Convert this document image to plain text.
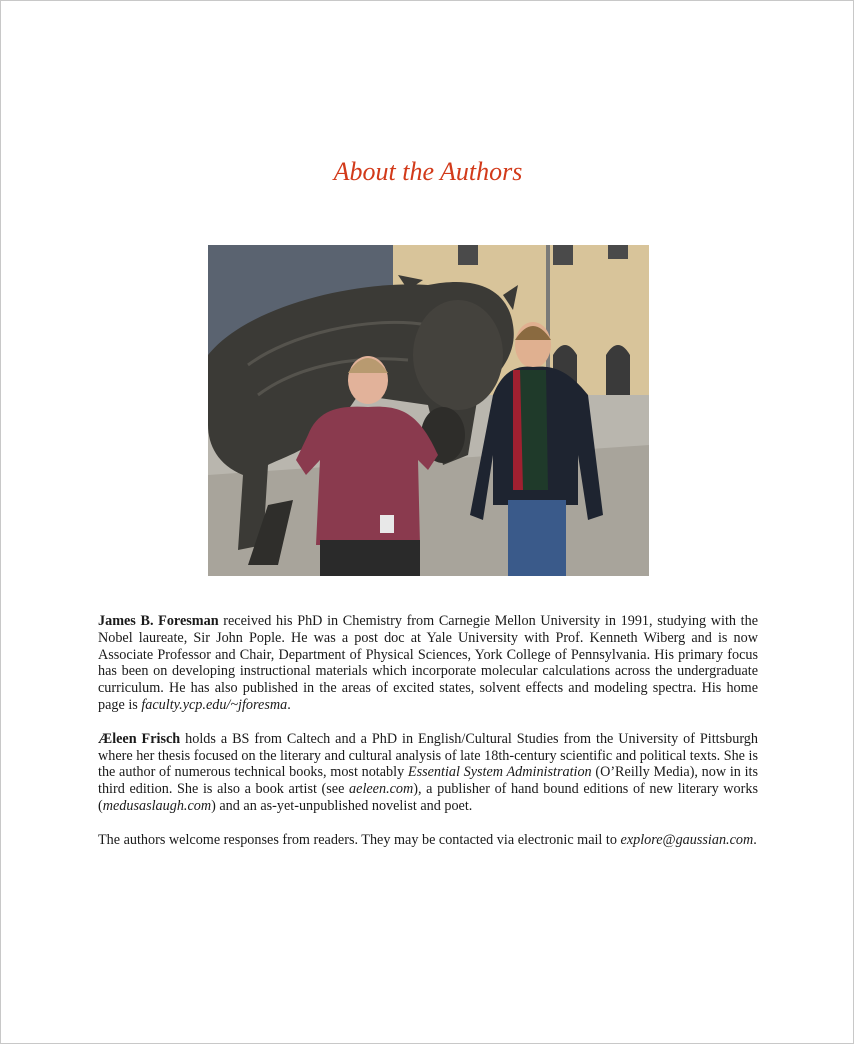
About the Authors

James B. Foresman received his PhD in Chemistry from Carnegie Mellon University in 1991, studying with the Nobel laureate, Sir John Pople. He was a post doc at Yale University with Prof. Kenneth Wiberg and is now Associate Professor and Chair, Department of Physical Sciences, York College of Pennsylvania. His primary focus has been on developing instructional materials which incorporate molecular calculations across the undergraduate curriculum. He has also published in the areas of excited states, solvent effects and modeling spectra. His home page is faculty.ycp.edu/~jforesma.

Æleen Frisch holds a BS from Caltech and a PhD in English/Cultural Studies from the University of Pittsburgh where her thesis focused on the literary and cultural analysis of late 18th-century scientific and political texts. She is the author of numerous technical books, most notably Essential System Administration (O’Reilly Media), now in its third edition. She is also a book artist (see aeleen.com), a publisher of hand bound editions of new literary works (medusaslaugh.com) and an as-yet-unpublished novelist and poet.

The authors welcome responses from readers. They may be contacted via electronic mail to explore@gaussian.com.
